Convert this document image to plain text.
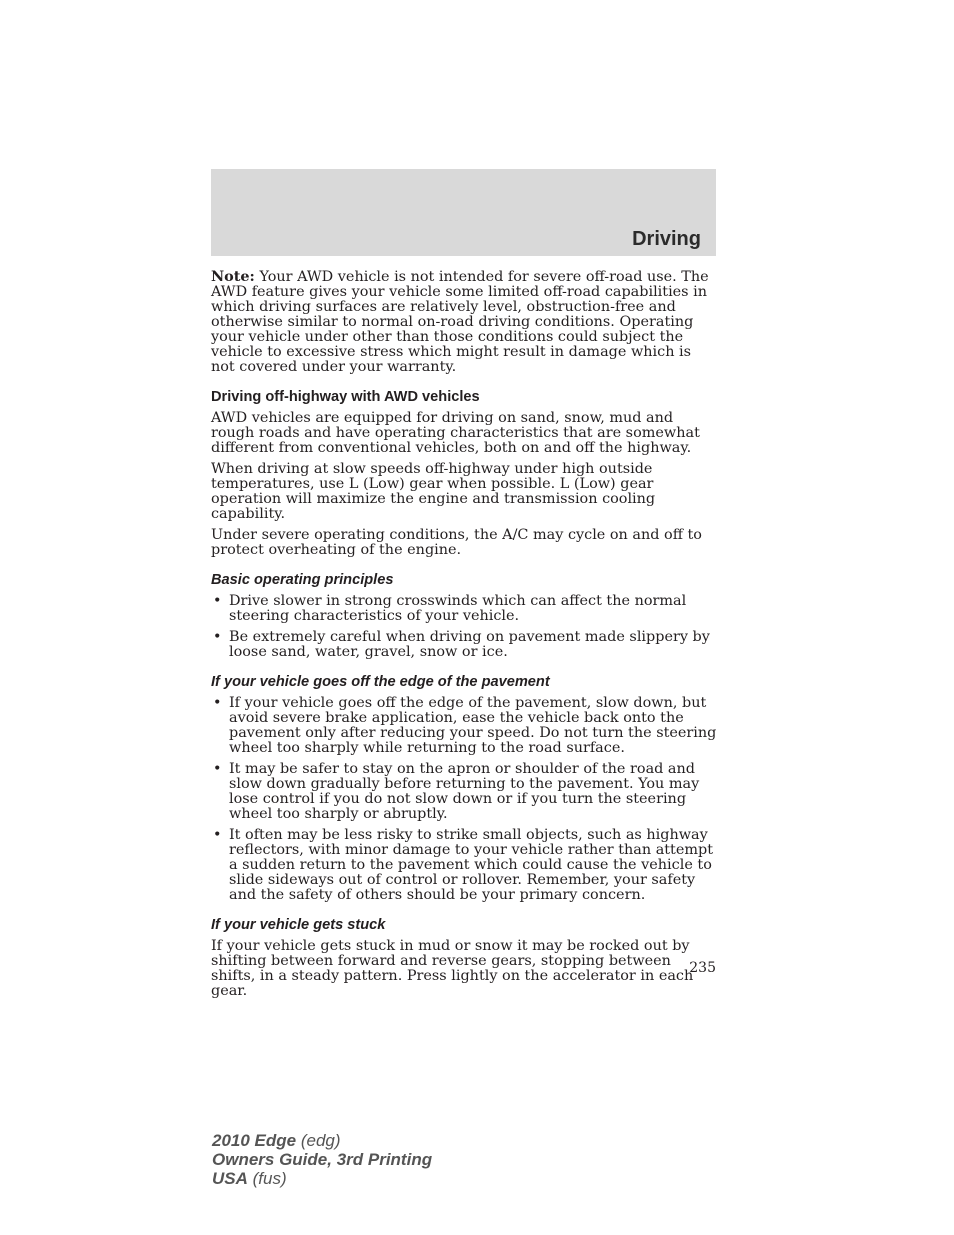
Driving

Note: Your AWD vehicle is not intended for severe off-road use. The AWD feature gives your vehicle some limited off-road capabilities in which driving surfaces are relatively level, obstruction-free and otherwise similar to normal on-road driving conditions. Operating your vehicle under other than those conditions could subject the vehicle to excessive stress which might result in damage which is not covered under your warranty.

Driving off-highway with AWD vehicles

AWD vehicles are equipped for driving on sand, snow, mud and rough roads and have operating characteristics that are somewhat different from conventional vehicles, both on and off the highway.

When driving at slow speeds off-highway under high outside temperatures, use L (Low) gear when possible. L (Low) gear operation will maximize the engine and transmission cooling capability.

Under severe operating conditions, the A/C may cycle on and off to protect overheating of the engine.

Basic operating principles
• Drive slower in strong crosswinds which can affect the normal steering characteristics of your vehicle.
• Be extremely careful when driving on pavement made slippery by loose sand, water, gravel, snow or ice.
If your vehicle goes off the edge of the pavement
• If your vehicle goes off the edge of the pavement, slow down, but avoid severe brake application, ease the vehicle back onto the pavement only after reducing your speed. Do not turn the steering wheel too sharply while returning to the road surface.
• It may be safer to stay on the apron or shoulder of the road and slow down gradually before returning to the pavement. You may lose control if you do not slow down or if you turn the steering wheel too sharply or abruptly.
• It often may be less risky to strike small objects, such as highway reflectors, with minor damage to your vehicle rather than attempt a sudden return to the pavement which could cause the vehicle to slide sideways out of control or rollover. Remember, your safety and the safety of others should be your primary concern.
If your vehicle gets stuck

If your vehicle gets stuck in mud or snow it may be rocked out by shifting between forward and reverse gears, stopping between shifts, in a steady pattern. Press lightly on the accelerator in each gear.

235
2010 Edge (edg)
Owners Guide, 3rd Printing
USA (fus)
